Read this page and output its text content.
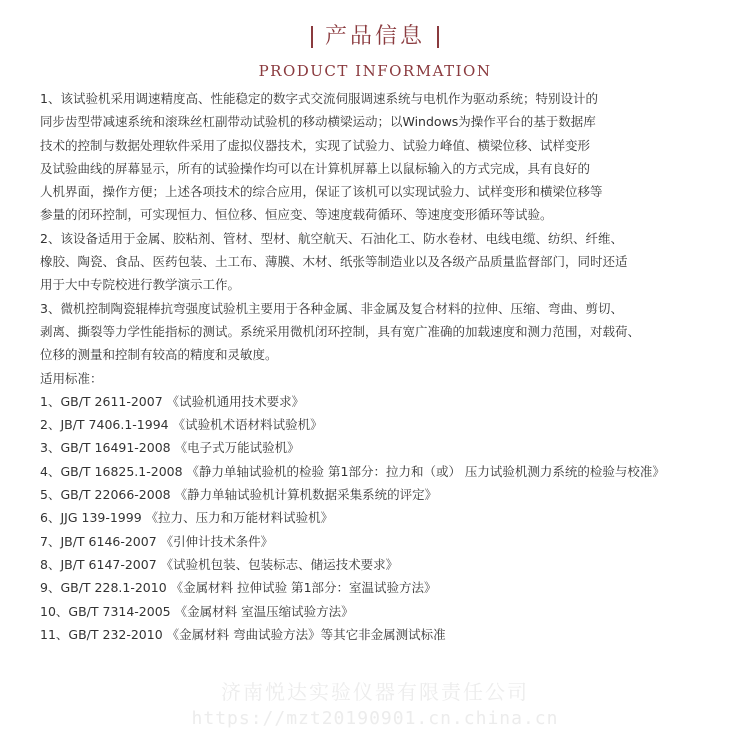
产品信息
PRODUCT INFORMATION
1、该试验机采用调速精度高、性能稳定的数字式交流伺服调速系统与电机作为驱动系统；特别设计的
同步齿型带减速系统和滚珠丝杠副带动试验机的移动横梁运动；以Windows为操作平台的基于数据库
技术的控制与数据处理软件采用了虚拟仪器技术，实现了试验力、试验力峰值、横梁位移、试样变形
及试验曲线的屏幕显示，所有的试验操作均可以在计算机屏幕上以鼠标输入的方式完成，具有良好的
人机界面，操作方便；上述各项技术的综合应用，保证了该机可以实现试验力、试样变形和横梁位移等
参量的闭环控制，可实现恒力、恒位移、恒应变、等速度载荷循环、等速度变形循环等试验。
2、该设备适用于金属、胶粘剂、管材、型材、航空航天、石油化工、防水卷材、电线电缆、纺织、纤维、
橡胶、陶瓷、食品、医药包装、土工布、薄膜、木材、纸张等制造业以及各级产品质量监督部门，同时还适
用于大中专院校进行教学演示工作。
3、微机控制陶瓷辊棒抗弯强度试验机主要用于各种金属、非金属及复合材料的拉伸、压缩、弯曲、剪切、
剥离、撕裂等力学性能指标的测试。系统采用微机闭环控制，具有宽广准确的加载速度和测力范围，对载荷、
位移的测量和控制有较高的精度和灵敏度。
适用标准：
1、GB/T 2611-2007 《试验机通用技术要求》
2、JB/T 7406.1-1994 《试验机术语材料试验机》
3、GB/T 16491-2008 《电子式万能试验机》
4、GB/T 16825.1-2008 《静力单轴试验机的检验 第1部分：拉力和（或） 压力试验机测力系统的检验与校准》
5、GB/T 22066-2008 《静力单轴试验机计算机数据采集系统的评定》
6、JJG 139-1999 《拉力、压力和万能材料试验机》
7、JB/T 6146-2007 《引伸计技术条件》
8、JB/T 6147-2007 《试验机包装、包装标志、储运技术要求》
9、GB/T 228.1-2010 《金属材料 拉伸试验 第1部分：室温试验方法》
10、GB/T 7314-2005 《金属材料 室温压缩试验方法》
11、GB/T 232-2010 《金属材料 弯曲试验方法》等其它非金属测试标准
济南悦达实验仪器有限责任公司
https://mzt20190901.cn.china.cn
